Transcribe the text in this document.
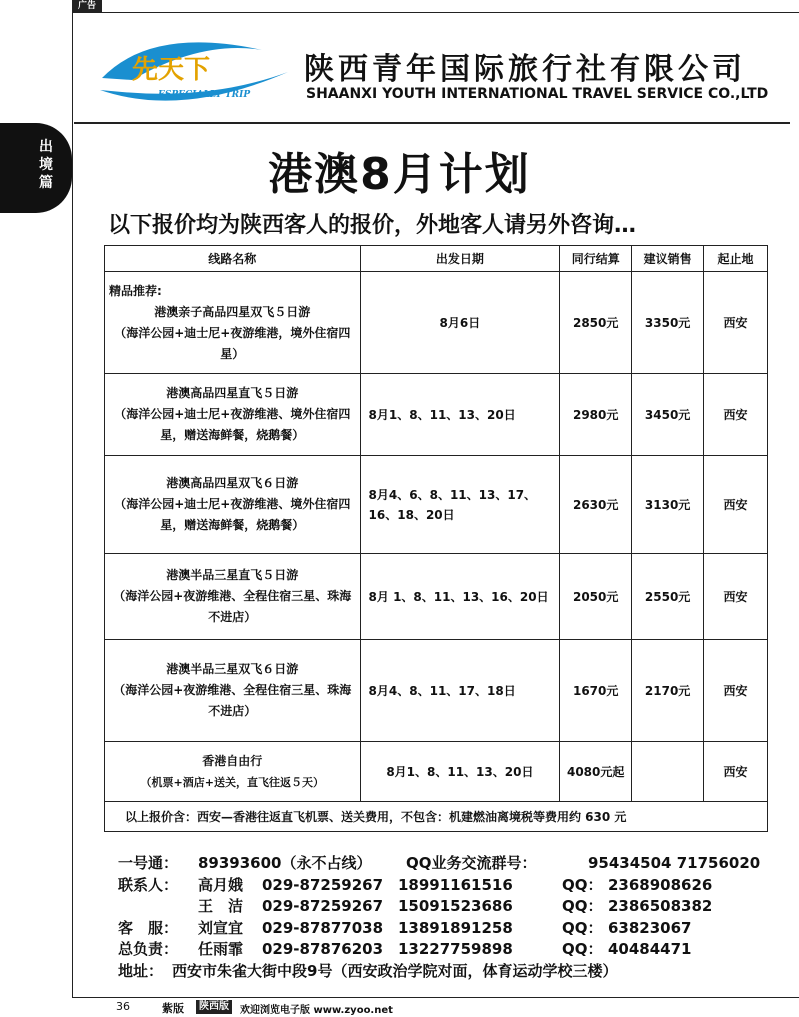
广告
先天下
ESPECIALLY TRIP
陕西青年国际旅行社有限公司
SHAANXI YOUTH INTERNATIONAL TRAVEL SERVICE CO.,LTD
出境篇	港澳8月计划
以下报价均为陕西客人的报价，外地客人请另外咨询…
线路名称	出发日期	同行结算	建议销售	起止地

精品推荐:
港澳亲子高品四星双飞５日游
（海洋公园+迪士尼+夜游维港，境外住宿四星）	8月6日	2850元	3350元	西安

港澳高品四星直飞５日游
（海洋公园+迪士尼+夜游维港、境外住宿四星，赠送海鲜餐，烧鹅餐）	8月1、8、11、13、20日	2980元	3450元	西安

港澳高品四星双飞６日游
（海洋公园+迪士尼+夜游维港、境外住宿四星，赠送海鲜餐，烧鹅餐）	8月4、6、8、11、13、17、16、18、20日	2630元	3130元	西安

港澳半品三星直飞５日游
（海洋公园+夜游维港、全程住宿三星、珠海不进店）	8月 1、8、11、13、16、20日	2050元	2550元	西安

港澳半品三星双飞６日游
（海洋公园+夜游维港、全程住宿三星、珠海不进店）	8月4、8、11、17、18日	1670元	2170元	西安

香港自由行
（机票+酒店+送关，直飞往返５天）	8月1、8、11、13、20日	4080元起		西安
以上报价含：西安—香港往返直飞机票、送关费用，不包含：机建燃油离境税等费用约 630 元				
一号通： 89393600（永不占线） QQ业务交流群号：	95434504 71756020
联系人： 高月娥 029-87259267 18991161516	QQ： 2368908626
王　洁 029-87259267 15091523686	QQ： 2386508382
客　服： 刘宣宜 029-87877038 13891891258	QQ： 63823067
总负责： 任雨霏 029-87876203 13227759898	QQ： 40484471
地址： 西安市朱雀大街中段9号（西安政治学院对面，体育运动学校三楼）
36	紫版	陕西版	欢迎浏览电子版 www.zyoo.net
